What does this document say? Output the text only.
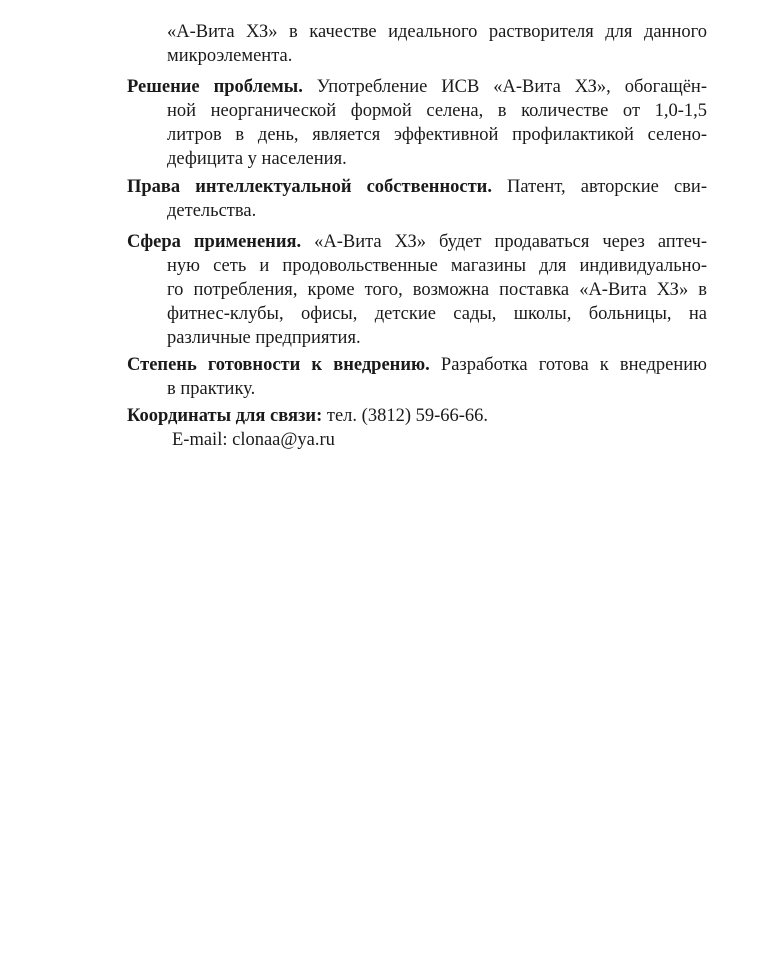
«А-Вита ХЗ» в качестве идеального растворителя для данного
микроэлемента.
Решение проблемы. Употребление ИСВ «А-Вита ХЗ», обогащён-
ной неорганической формой селена, в количестве от 1,0-1,5
литров в день, является эффективной профилактикой селено-
дефицита у населения.
Права интеллектуальной собственности. Патент, авторские сви-
детельства.
Сфера применения. «А-Вита ХЗ» будет продаваться через аптеч-
ную сеть и продовольственные магазины для индивидуально-
го потребления, кроме того, возможна поставка «А-Вита ХЗ» в
фитнес-клубы, офисы, детские сады, школы, больницы, на
различные предприятия.
Степень готовности к внедрению. Разработка готова к внедрению
в практику.
Координаты для связи: тел. (3812) 59-66-66.
E-mail: clonaa@ya.ru
